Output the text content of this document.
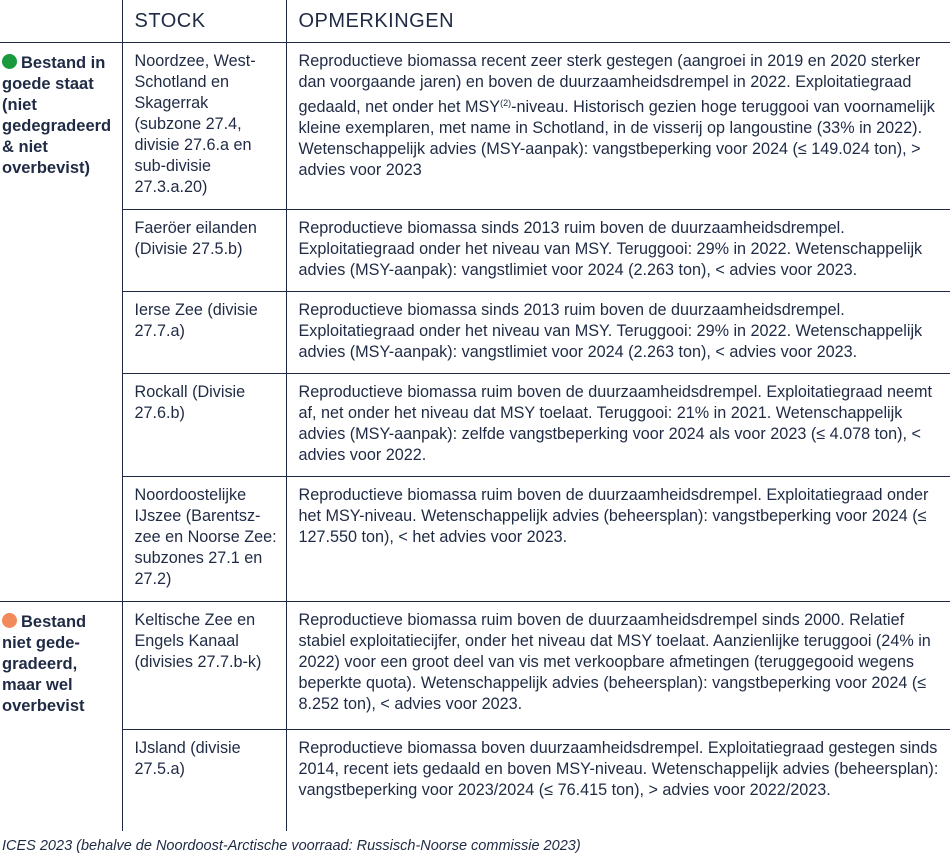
	STOCK	OPMERKINGEN
Bestand in goede staat (niet gedegradeerd & niet overbevist)	Noordzee, West-Schotland en Skagerrak (subzone 27.4, divisie 27.6.a en sub-divisie 27.3.a.20)	Reproductieve biomassa recent zeer sterk gestegen (aangroei in 2019 en 2020 sterker dan voorgaande jaren) en boven de duurzaamheidsdrempel in 2022. Exploitatiegraad gedaald, net onder het MSY$^{(2)}$-niveau. Historisch gezien hoge teruggooi van voornamelijk kleine exemplaren, met name in Schotland, in de visserij op langoustine (33% in 2022). Wetenschappelijk advies (MSY-aanpak): vangstbeperking voor 2024 (≤ 149.024 ton), > advies voor 2023
	Faeröer eilanden (Divisie 27.5.b)	Reproductieve biomassa sinds 2013 ruim boven de duurzaamheidsdrempel. Exploitatiegraad onder het niveau van MSY. Teruggooi: 29% in 2022. Wetenschappelijk advies (MSY-aanpak): vangstlimiet voor 2024 (2.263 ton), < advies voor 2023.
	Ierse Zee (divisie 27.7.a)	Reproductieve biomassa sinds 2013 ruim boven de duurzaamheidsdrempel. Exploitatiegraad onder het niveau van MSY. Teruggooi: 29% in 2022. Wetenschappelijk advies (MSY-aanpak): vangstlimiet voor 2024 (2.263 ton), < advies voor 2023.
	Rockall (Divisie 27.6.b)	Reproductieve biomassa ruim boven de duurzaamheidsdrempel. Exploitatiegraad neemt af, net onder het niveau dat MSY toelaat. Teruggooi: 21% in 2021. Wetenschappelijk advies (MSY-aanpak): zelfde vangstbeperking voor 2024 als voor 2023 (≤ 4.078 ton), < advies voor 2022.
	Noordoostelijke IJszee (Barentsz-zee en Noorse Zee: subzones 27.1 en 27.2)	Reproductieve biomassa ruim boven de duurzaamheidsdrempel. Exploitatiegraad onder het MSY-niveau. Wetenschappelijk advies (beheersplan): vangstbeperking voor 2024 (≤ 127.550 ton), < het advies voor 2023.
Bestand niet gede-gradeerd, maar wel overbevist	Keltische Zee en Engels Kanaal (divisies 27.7.b-k)	Reproductieve biomassa ruim boven de duurzaamheidsdrempel sinds 2000. Relatief stabiel exploitatiecijfer, onder het niveau dat MSY toelaat. Aanzienlijke teruggooi (24% in 2022) voor een groot deel van vis met verkoopbare afmetingen (teruggegooid wegens beperkte quota). Wetenschappelijk advies (beheersplan): vangstbeperking voor 2024 (≤ 8.252 ton), < advies voor 2023.
	IJsland (divisie 27.5.a)	Reproductieve biomassa boven duurzaamheidsdrempel. Exploitatiegraad gestegen sinds 2014, recent iets gedaald en boven MSY-niveau. Wetenschappelijk advies (beheersplan): vangstbeperking voor 2023/2024 (≤ 76.415 ton), > advies voor 2022/2023.
ICES 2023 (behalve de Noordoost-Arctische voorraad: Russisch-Noorse commissie 2023)
